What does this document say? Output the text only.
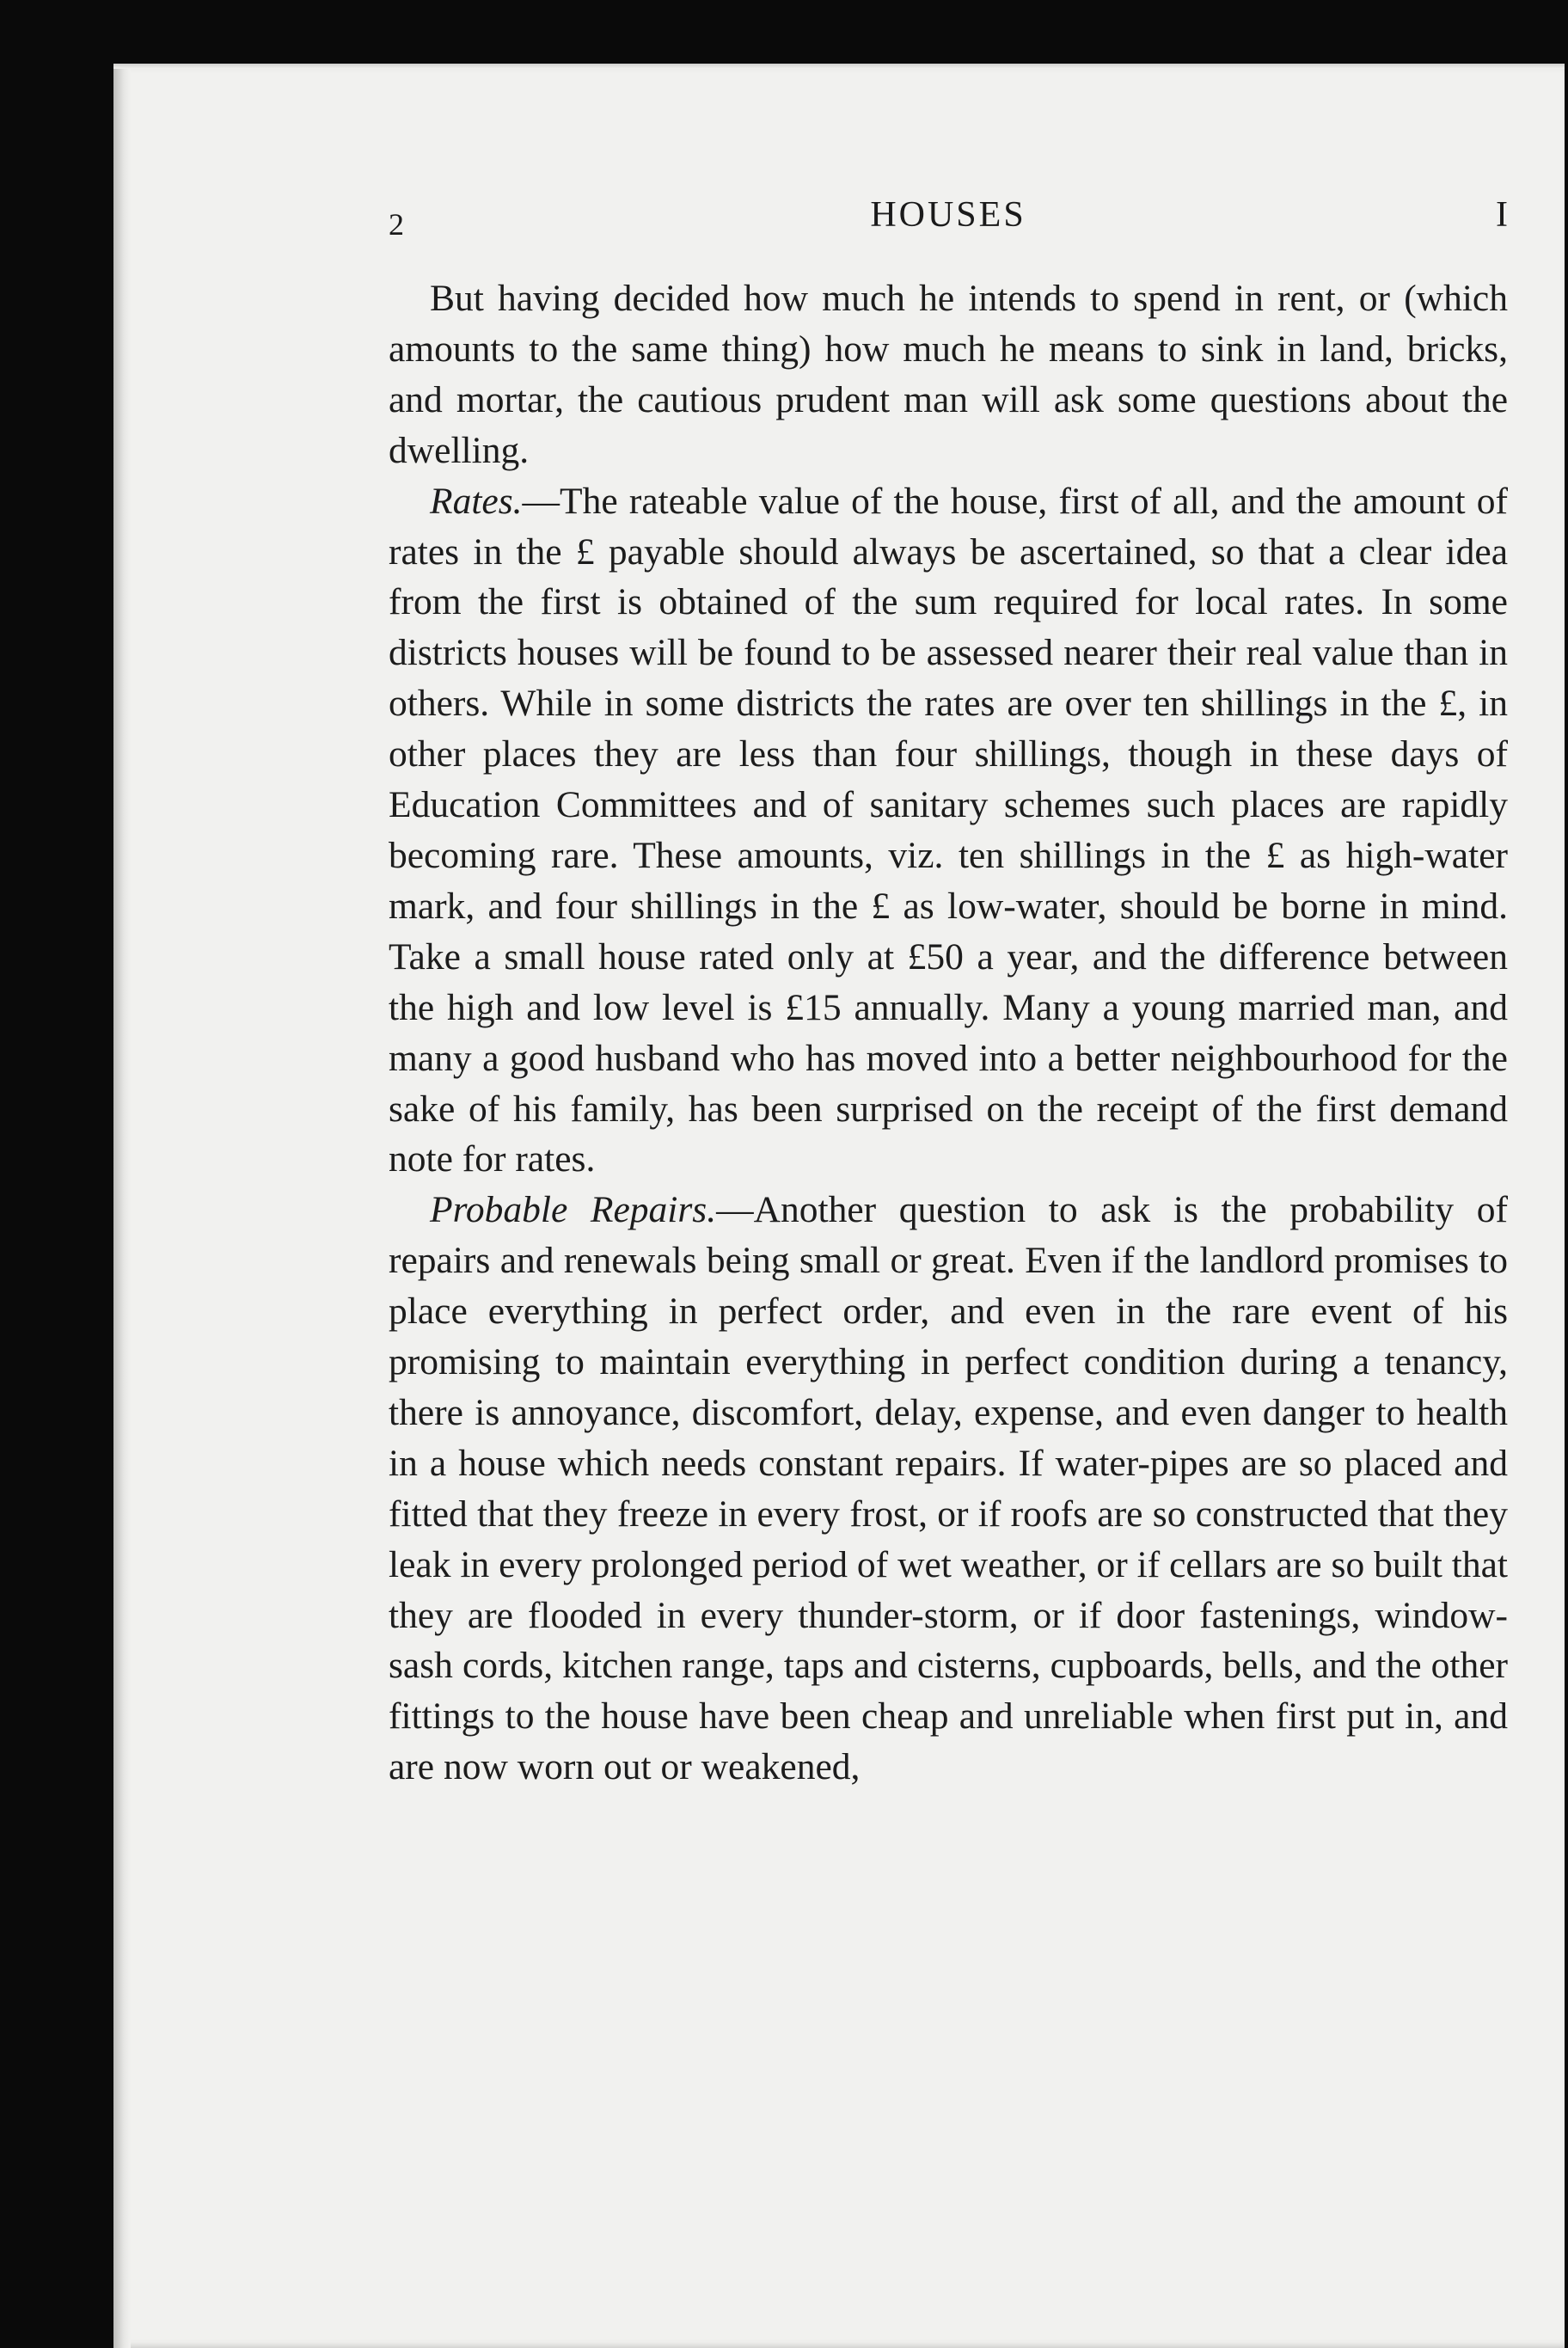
2	HOUSES	I

But having decided how much he intends to spend in rent, or (which amounts to the same thing) how much he means to sink in land, bricks, and mortar, the cautious prudent man will ask some questions about the dwelling.

Rates.—The rateable value of the house, first of all, and the amount of rates in the £ payable should always be ascertained, so that a clear idea from the first is obtained of the sum required for local rates. In some districts houses will be found to be assessed nearer their real value than in others. While in some districts the rates are over ten shillings in the £, in other places they are less than four shillings, though in these days of Education Committees and of sanitary schemes such places are rapidly becoming rare. These amounts, viz. ten shillings in the £ as high-water mark, and four shillings in the £ as low-water, should be borne in mind. Take a small house rated only at £50 a year, and the difference between the high and low level is £15 annually. Many a young married man, and many a good husband who has moved into a better neighbourhood for the sake of his family, has been surprised on the receipt of the first demand note for rates.

Probable Repairs.—Another question to ask is the probability of repairs and renewals being small or great. Even if the landlord promises to place everything in perfect order, and even in the rare event of his promising to maintain everything in perfect condition during a tenancy, there is annoyance, discomfort, delay, expense, and even danger to health in a house which needs constant repairs. If water-pipes are so placed and fitted that they freeze in every frost, or if roofs are so constructed that they leak in every prolonged period of wet weather, or if cellars are so built that they are flooded in every thunder-storm, or if door fastenings, window-sash cords, kitchen range, taps and cisterns, cupboards, bells, and the other fittings to the house have been cheap and unreliable when first put in, and are now worn out or weakened,
